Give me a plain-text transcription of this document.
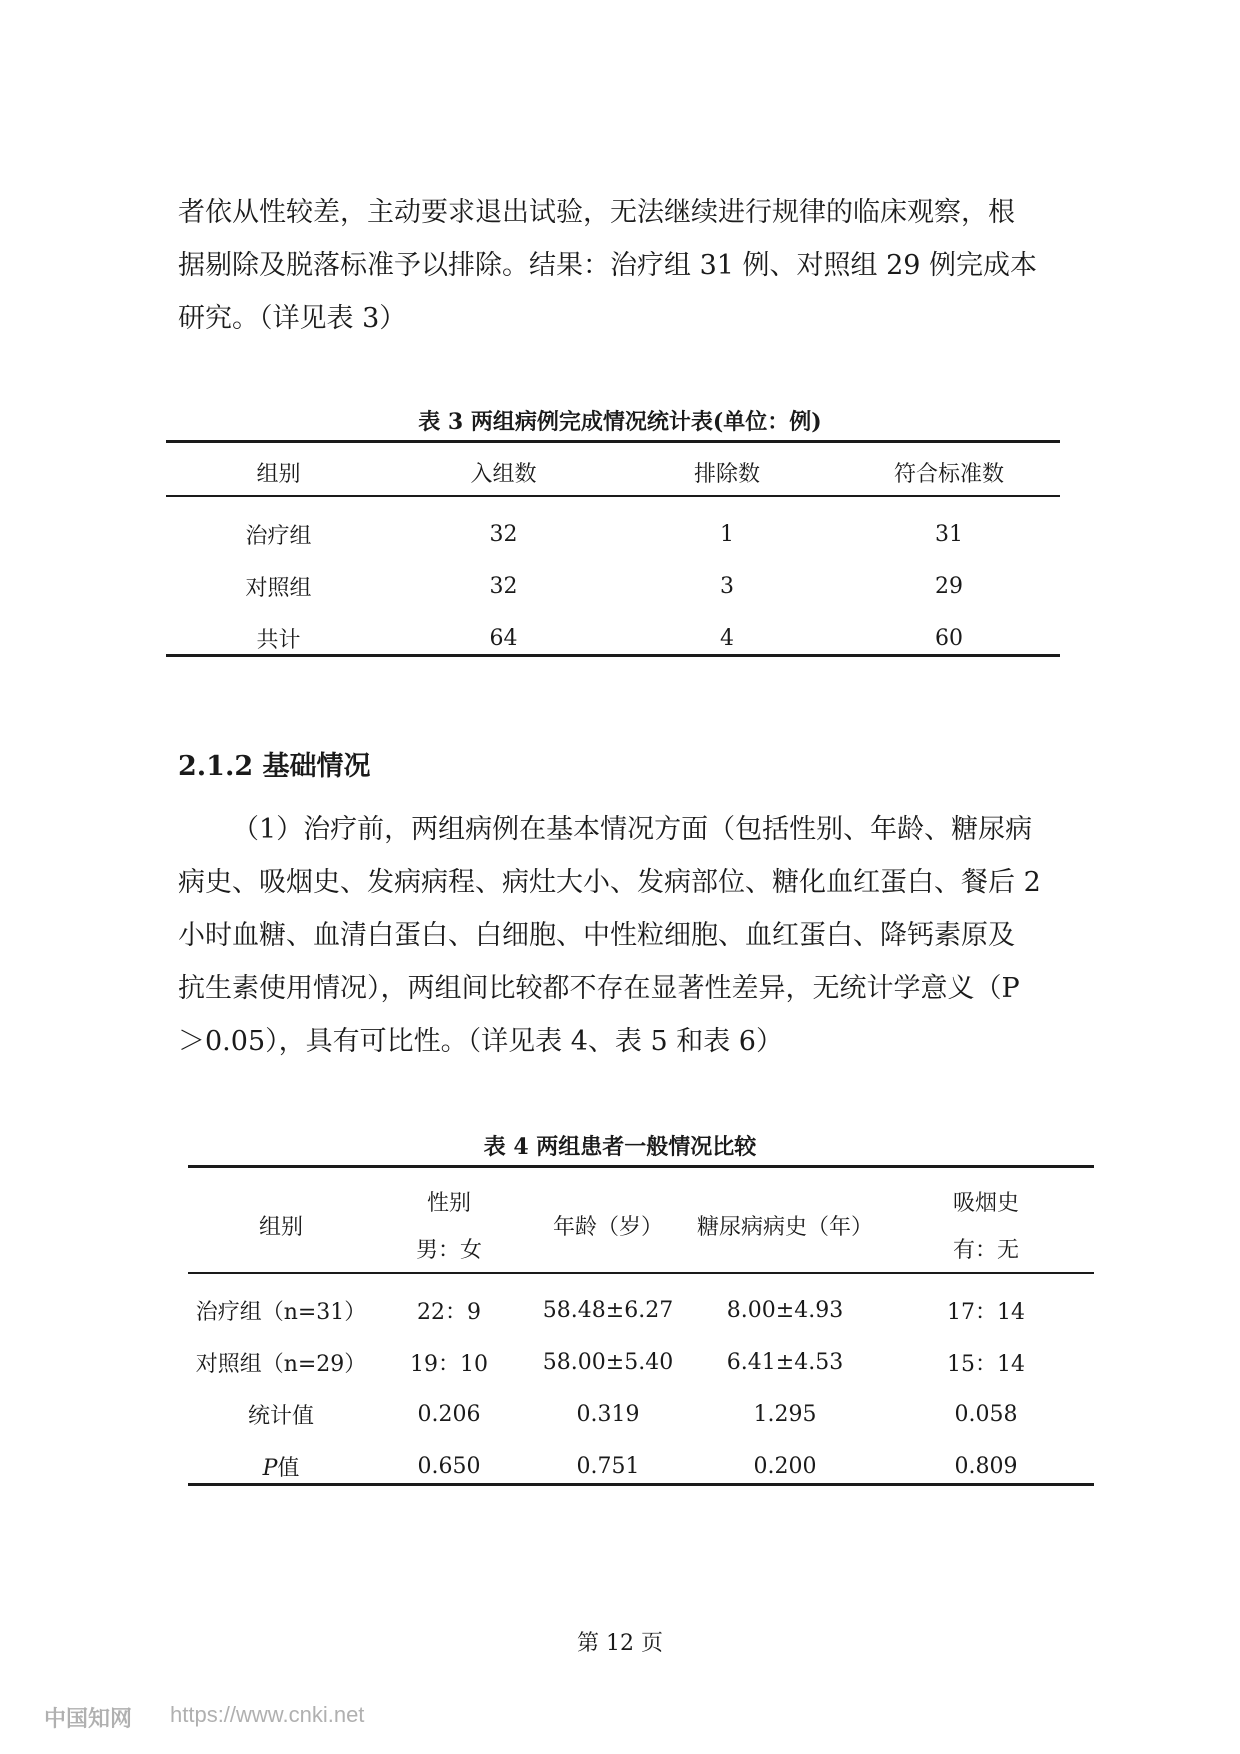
者依从性较差，主动要求退出试验，无法继续进行规律的临床观察，根
据剔除及脱落标准予以排除。结果：治疗组 31 例、对照组 29 例完成本
研究。（详见表 3）
表 3 两组病例完成情况统计表(单位：例)
组别	入组数	排除数	符合标准数

治疗组	32	1	31
对照组	32	3	29
共计	64	4	60
2.1.2 基础情况
（1）治疗前，两组病例在基本情况方面（包括性别、年龄、糖尿病
病史、吸烟史、发病病程、病灶大小、发病部位、糖化血红蛋白、餐后 2
小时血糖、血清白蛋白、白细胞、中性粒细胞、血红蛋白、降钙素原及
抗生素使用情况），两组间比较都不存在显著性差异，无统计学意义（P
＞0.05），具有可比性。（详见表 4、表 5 和表 6）
表 4 两组患者一般情况比较
组别	性别	年龄（岁）	糖尿病病史（年）	吸烟史
	男：女			有：无

治疗组（n=31）	22：9	58.48±6.27	8.00±4.93	17：14
对照组（n=29）	19：10	58.00±5.40	6.41±4.53	15：14
统计值	0.206	0.319	1.295	0.058
P值	0.650	0.751	0.200	0.809
第 12 页
中国知网 https://www.cnki.net
